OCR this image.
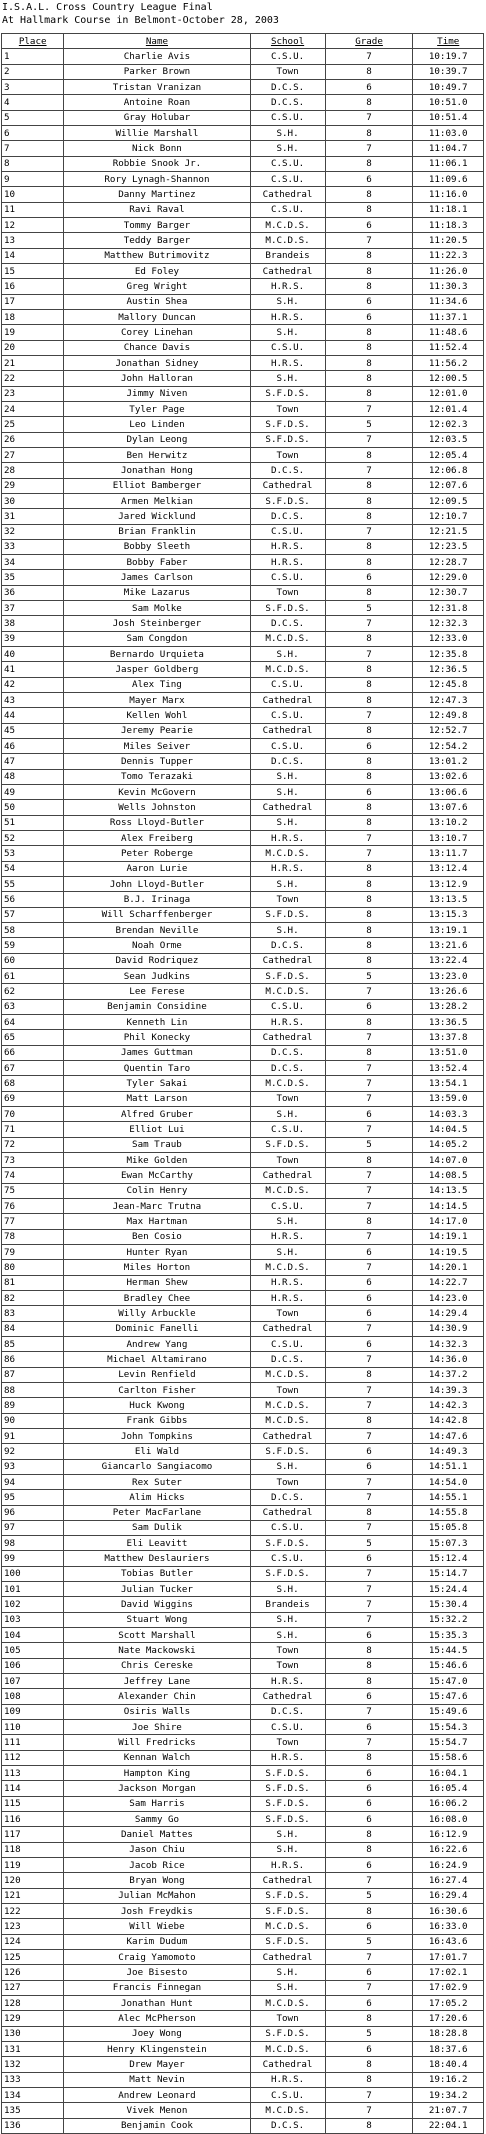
I.S.A.L. Cross Country League Final
At Hallmark Course in Belmont-October 28, 2003
Place	Name	School	Grade	Time
1	Charlie Avis	C.S.U.	7	10:19.7
2	Parker Brown	Town	8	10:39.7
3	Tristan Vranizan	D.C.S.	6	10:49.7
4	Antoine Roan	D.C.S.	8	10:51.0
5	Gray Holubar	C.S.U.	7	10:51.4
6	Willie Marshall	S.H.	8	11:03.0
7	Nick Bonn	S.H.	7	11:04.7
8	Robbie Snook Jr.	C.S.U.	8	11:06.1
9	Rory Lynagh-Shannon	C.S.U.	6	11:09.6
10	Danny Martinez	Cathedral	8	11:16.0
11	Ravi Raval	C.S.U.	8	11:18.1
12	Tommy Barger	M.C.D.S.	6	11:18.3
13	Teddy Barger	M.C.D.S.	7	11:20.5
14	Matthew Butrimovitz	Brandeis	8	11:22.3
15	Ed Foley	Cathedral	8	11:26.0
16	Greg Wright	H.R.S.	8	11:30.3
17	Austin Shea	S.H.	6	11:34.6
18	Mallory Duncan	H.R.S.	6	11:37.1
19	Corey Linehan	S.H.	8	11:48.6
20	Chance Davis	C.S.U.	8	11:52.4
21	Jonathan Sidney	H.R.S.	8	11:56.2
22	John Halloran	S.H.	8	12:00.5
23	Jimmy Niven	S.F.D.S.	8	12:01.0
24	Tyler Page	Town	7	12:01.4
25	Leo Linden	S.F.D.S.	5	12:02.3
26	Dylan Leong	S.F.D.S.	7	12:03.5
27	Ben Herwitz	Town	8	12:05.4
28	Jonathan Hong	D.C.S.	7	12:06.8
29	Elliot Bamberger	Cathedral	8	12:07.6
30	Armen Melkian	S.F.D.S.	8	12:09.5
31	Jared Wicklund	D.C.S.	8	12:10.7
32	Brian Franklin	C.S.U.	7	12:21.5
33	Bobby Sleeth	H.R.S.	8	12:23.5
34	Bobby Faber	H.R.S.	8	12:28.7
35	James Carlson	C.S.U.	6	12:29.0
36	Mike Lazarus	Town	8	12:30.7
37	Sam Molke	S.F.D.S.	5	12:31.8
38	Josh Steinberger	D.C.S.	7	12:32.3
39	Sam Congdon	M.C.D.S.	8	12:33.0
40	Bernardo Urquieta	S.H.	7	12:35.8
41	Jasper Goldberg	M.C.D.S.	8	12:36.5
42	Alex Ting	C.S.U.	8	12:45.8
43	Mayer Marx	Cathedral	8	12:47.3
44	Kellen Wohl	C.S.U.	7	12:49.8
45	Jeremy Pearie	Cathedral	8	12:52.7
46	Miles Seiver	C.S.U.	6	12:54.2
47	Dennis Tupper	D.C.S.	8	13:01.2
48	Tomo Terazaki	S.H.	8	13:02.6
49	Kevin McGovern	S.H.	6	13:06.6
50	Wells Johnston	Cathedral	8	13:07.6
51	Ross Lloyd-Butler	S.H.	8	13:10.2
52	Alex Freiberg	H.R.S.	7	13:10.7
53	Peter Roberge	M.C.D.S.	7	13:11.7
54	Aaron Lurie	H.R.S.	8	13:12.4
55	John Lloyd-Butler	S.H.	8	13:12.9
56	B.J. Irinaga	Town	8	13:13.5
57	Will Scharffenberger	S.F.D.S.	8	13:15.3
58	Brendan Neville	S.H.	8	13:19.1
59	Noah Orme	D.C.S.	8	13:21.6
60	David Rodriquez	Cathedral	8	13:22.4
61	Sean Judkins	S.F.D.S.	5	13:23.0
62	Lee Ferese	M.C.D.S.	7	13:26.6
63	Benjamin Considine	C.S.U.	6	13:28.2
64	Kenneth Lin	H.R.S.	8	13:36.5
65	Phil Konecky	Cathedral	7	13:37.8
66	James Guttman	D.C.S.	8	13:51.0
67	Quentin Taro	D.C.S.	7	13:52.4
68	Tyler Sakai	M.C.D.S.	7	13:54.1
69	Matt Larson	Town	7	13:59.0
70	Alfred Gruber	S.H.	6	14:03.3
71	Elliot Lui	C.S.U.	7	14:04.5
72	Sam Traub	S.F.D.S.	5	14:05.2
73	Mike Golden	Town	8	14:07.0
74	Ewan McCarthy	Cathedral	7	14:08.5
75	Colin Henry	M.C.D.S.	7	14:13.5
76	Jean-Marc Trutna	C.S.U.	7	14:14.5
77	Max Hartman	S.H.	8	14:17.0
78	Ben Cosio	H.R.S.	7	14:19.1
79	Hunter Ryan	S.H.	6	14:19.5
80	Miles Horton	M.C.D.S.	7	14:20.1
81	Herman Shew	H.R.S.	6	14:22.7
82	Bradley Chee	H.R.S.	6	14:23.0
83	Willy Arbuckle	Town	6	14:29.4
84	Dominic Fanelli	Cathedral	7	14:30.9
85	Andrew Yang	C.S.U.	6	14:32.3
86	Michael Altamirano	D.C.S.	7	14:36.0
87	Levin Renfield	M.C.D.S.	8	14:37.2
88	Carlton Fisher	Town	7	14:39.3
89	Huck Kwong	M.C.D.S.	7	14:42.3
90	Frank Gibbs	M.C.D.S.	8	14:42.8
91	John Tompkins	Cathedral	7	14:47.6
92	Eli Wald	S.F.D.S.	6	14:49.3
93	Giancarlo Sangiacomo	S.H.	6	14:51.1
94	Rex Suter	Town	7	14:54.0
95	Alim Hicks	D.C.S.	7	14:55.1
96	Peter MacFarlane	Cathedral	8	14:55.8
97	Sam Dulik	C.S.U.	7	15:05.8
98	Eli Leavitt	S.F.D.S.	5	15:07.3
99	Matthew Deslauriers	C.S.U.	6	15:12.4
100	Tobias Butler	S.F.D.S.	7	15:14.7
101	Julian Tucker	S.H.	7	15:24.4
102	David Wiggins	Brandeis	7	15:30.4
103	Stuart Wong	S.H.	7	15:32.2
104	Scott Marshall	S.H.	6	15:35.3
105	Nate Mackowski	Town	8	15:44.5
106	Chris Cereske	Town	8	15:46.6
107	Jeffrey Lane	H.R.S.	8	15:47.0
108	Alexander Chin	Cathedral	6	15:47.6
109	Osiris Walls	D.C.S.	7	15:49.6
110	Joe Shire	C.S.U.	6	15:54.3
111	Will Fredricks	Town	7	15:54.7
112	Kennan Walch	H.R.S.	8	15:58.6
113	Hampton King	S.F.D.S.	6	16:04.1
114	Jackson Morgan	S.F.D.S.	6	16:05.4
115	Sam Harris	S.F.D.S.	6	16:06.2
116	Sammy Go	S.F.D.S.	6	16:08.0
117	Daniel Mattes	S.H.	8	16:12.9
118	Jason Chiu	S.H.	8	16:22.6
119	Jacob Rice	H.R.S.	6	16:24.9
120	Bryan Wong	Cathedral	7	16:27.4
121	Julian McMahon	S.F.D.S.	5	16:29.4
122	Josh Freydkis	S.F.D.S.	8	16:30.6
123	Will Wiebe	M.C.D.S.	6	16:33.0
124	Karim Dudum	S.F.D.S.	5	16:43.6
125	Craig Yamomoto	Cathedral	7	17:01.7
126	Joe Bisesto	S.H.	6	17:02.1
127	Francis Finnegan	S.H.	7	17:02.9
128	Jonathan Hunt	M.C.D.S.	6	17:05.2
129	Alec McPherson	Town	8	17:20.6
130	Joey Wong	S.F.D.S.	5	18:28.8
131	Henry Klingenstein	M.C.D.S.	6	18:37.6
132	Drew Mayer	Cathedral	8	18:40.4
133	Matt Nevin	H.R.S.	8	19:16.2
134	Andrew Leonard	C.S.U.	7	19:34.2
135	Vivek Menon	M.C.D.S.	7	21:07.7
136	Benjamin Cook	D.C.S.	8	22:04.1
